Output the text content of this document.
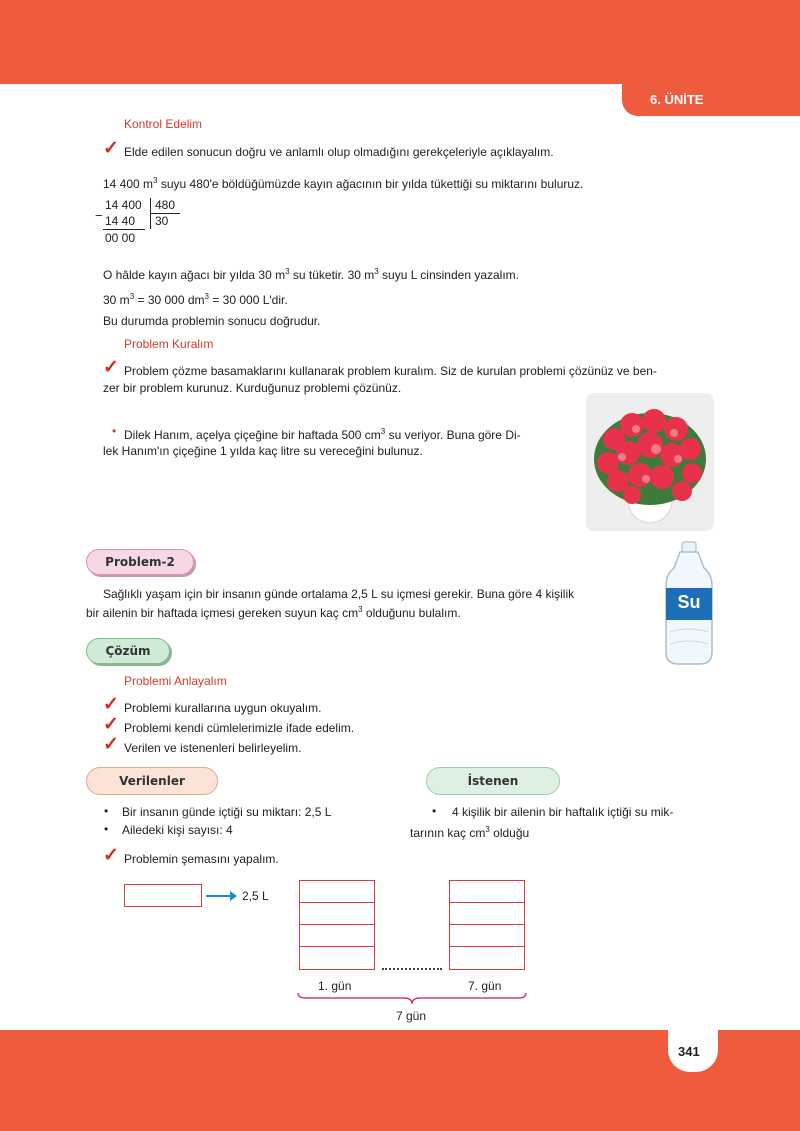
6. ÜNİTE
341
Kontrol Edelim
✓ Elde edilen sonucun doğru ve anlamlı olup olmadığını gerekçeleriyle açıklayalım.
14 400 $m^3$ suyu 480'e böldüğümüzde kayın ağacının bir yılda tükettiği su miktarını buluruz.
14 400 480
− 14 40 30
00 00
O hâlde kayın ağacı bir yılda 30 $m^3$ su tüketir. 30 $m^3$ suyu L cinsinden yazalım.
30 $m^3 = 30$ 000 $dm^3 = 30$ 000 L'dir.
Bu durumda problemin sonucu doğrudur.
Problem Kuralım
✓ Problem çözme basamaklarını kullanarak problem kuralım. Siz de kurulan problemi çözünüz ve ben-
zer bir problem kurunuz. Kurduğunuz problemi çözünüz.
• Dilek Hanım, açelya çiçeğine bir haftada 500 $cm^3$ su veriyor. Buna göre Di-
lek Hanım'ın çiçeğine 1 yılda kaç litre su vereceğini bulunuz.
Problem-2
Sağlıklı yaşam için bir insanın günde ortalama 2,5 L su içmesi gerekir. Buna göre 4 kişilik
bir ailenin bir haftada içmesi gereken suyun kaç $cm^3$ olduğunu bulalım.
Su
Çözüm
Problemi Anlayalım
✓ Problemi kurallarına uygun okuyalım.
✓ Problemi kendi cümlelerimizle ifade edelim.
✓ Verilen ve istenenleri belirleyelim.
Verilenler	İstenen
• Bir insanın günde içtiği su miktarı: 2,5 L
• Ailedeki kişi sayısı: 4
• 4 kişilik bir ailenin bir haftalık içtiği su mik-
tarının kaç $cm^3$ olduğu
✓ Problemin şemasını yapalım.
2,5 L
1. gün	7. gün
7 gün
